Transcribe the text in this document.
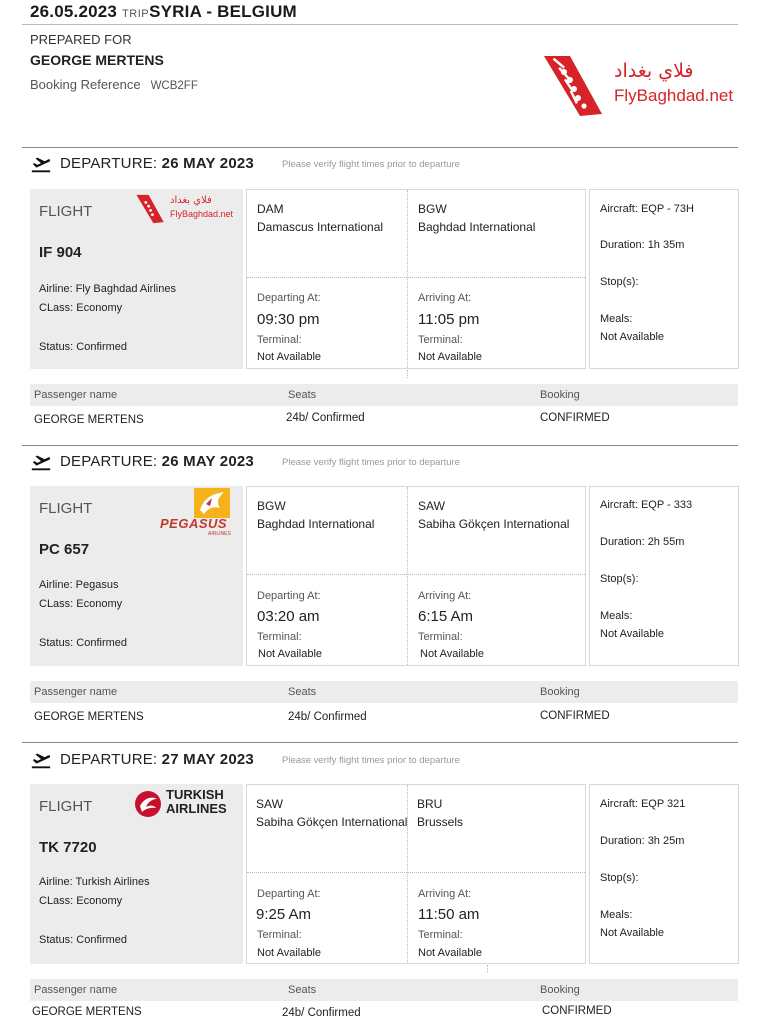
26.05.2023 TRIPSYRIA - BELGIUM
PREPARED FOR
GEORGE MERTENS
Booking Reference WCB2FF
فلاي بغداد
FlyBaghdad.net
DEPARTURE: 26 MAY 2023	Please verify flight times prior to departure
FLIGHT
فلاي بغداد
FlyBaghdad.net
IF 904
Airline: Fly Baghdad Airlines
CLass: Economy
Status: Confirmed
DAM
Damascus International
BGW
Baghdad International
Departing At:
09:30 pm
Terminal:
Not Available
Arriving At:
11:05 pm
Terminal:
Not Available
Aircraft: EQP - 73H
Duration: 1h 35m
Stop(s):
Meals:
Not Available
Passenger name	Seats	Booking
GEORGE MERTENS	24b/ Confirmed	CONFIRMED
DEPARTURE: 26 MAY 2023	Please verify flight times prior to departure
FLIGHT
PEGASUS
AIRLINES
PC 657
Airline: Pegasus
CLass: Economy
Status: Confirmed
BGW
Baghdad International
SAW
Sabiha Gökçen International
Departing At:
03:20 am
Terminal:
Not Available
Arriving At:
6:15 Am
Terminal:
Not Available
Aircraft: EQP - 333
Duration: 2h 55m
Stop(s):
Meals:
Not Available
Passenger name	Seats	Booking
GEORGE MERTENS	24b/ Confirmed	CONFIRMED
DEPARTURE: 27 MAY 2023	Please verify flight times prior to departure
FLIGHT
TURKISH
AIRLINES
TK 7720
Airline: Turkish Airlines
CLass: Economy
Status: Confirmed
SAW
Sabiha Gökçen International
BRU
Brussels
Departing At:
9:25 Am
Terminal:
Not Available
Arriving At:
11:50 am
Terminal:
Not Available
Aircraft: EQP 321
Duration: 3h 25m
Stop(s):
Meals:
Not Available
Passenger name	Seats	Booking
GEORGE MERTENS	24b/ Confirmed	CONFIRMED
